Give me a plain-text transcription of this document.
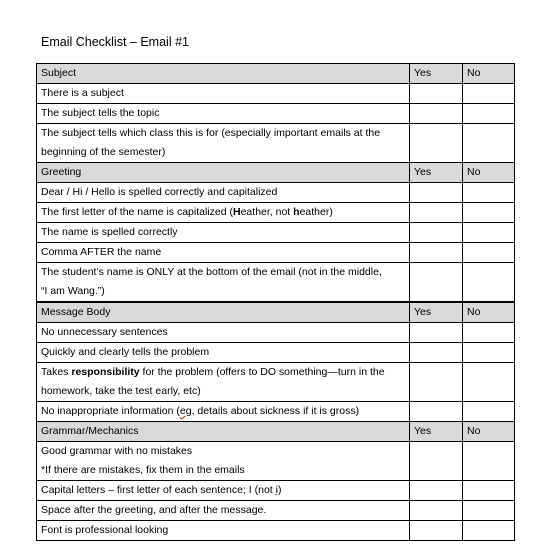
Email Checklist – Email #1
Subject	Yes	No
There is a subject		
The subject tells the topic		
The subject tells which class this is for (especially important emails at the
beginning of the semester)		
Greeting	Yes	No
Dear / Hi / Hello is spelled correctly and capitalized		
The first letter of the name is capitalized (Heather, not heather)		
The name is spelled correctly		
Comma AFTER the name		
The student’s name is ONLY at the bottom of the email (not in the middle,
“I am Wang.”)		
Message Body	Yes	No
No unnecessary sentences		
Quickly and clearly tells the problem		
Takes responsibility for the problem (offers to DO something—turn in the
homework, take the test early, etc)		
No inappropriate information (eg, details about sickness if it is gross)		
Grammar/Mechanics	Yes	No
Good grammar with no mistakes
*If there are mistakes, fix them in the emails		
Capital letters – first letter of each sentence; I (not i)		
Space after the greeting, and after the message.		
Font is professional looking		
